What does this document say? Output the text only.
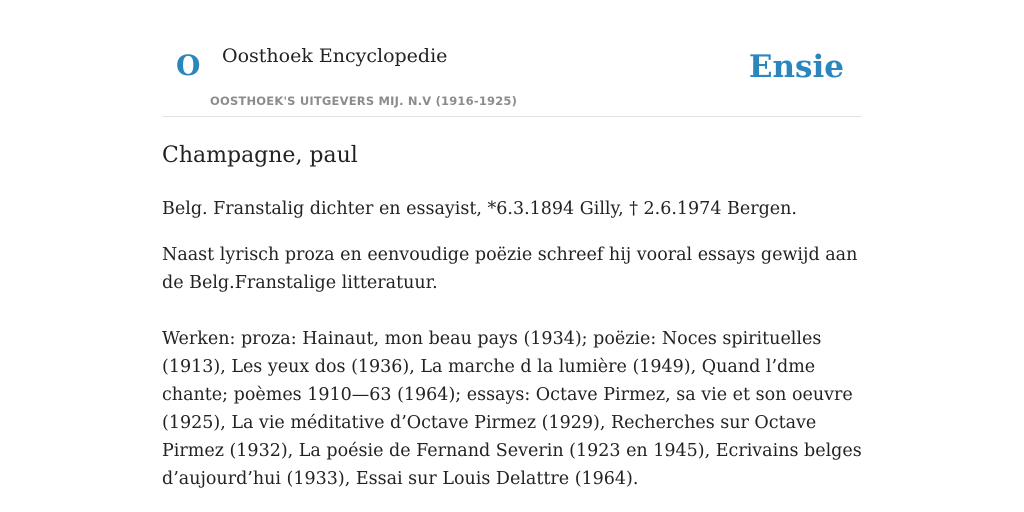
O Oosthoek Encyclopedie
OOSTHOEK'S UITGEVERS MIJ. N.V (1916-1925)
Ensie
Champagne, paul

Belg. Franstalig dichter en essayist, *6.3.1894 Gilly, † 2.6.1974 Bergen.

Naast lyrisch proza en eenvoudige poëzie schreef hij vooral essays gewijd aan de Belg.Franstalige litteratuur.

Werken: proza: Hainaut, mon beau pays (1934); poëzie: Noces spirituelles (1913), Les yeux dos (1936), La marche d la lumière (1949), Quand l’dme chante; poèmes 1910—63 (1964); essays: Octave Pirmez, sa vie et son oeuvre (1925), La vie méditative d’Octave Pirmez (1929), Recherches sur Octave Pirmez (1932), La poésie de Fernand Severin (1923 en 1945), Ecrivains belges d’aujourd’hui (1933), Essai sur Louis Delattre (1964).
